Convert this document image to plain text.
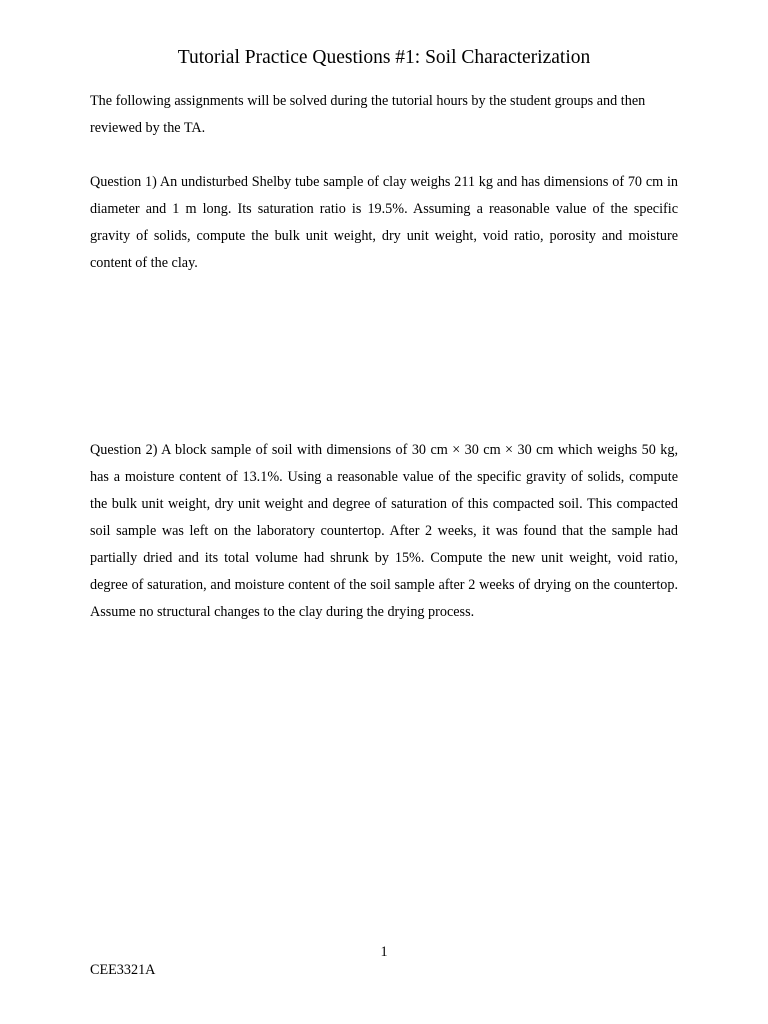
Tutorial Practice Questions #1: Soil Characterization

The following assignments will be solved during the tutorial hours by the student groups and then reviewed by the TA.

Question 1) An undisturbed Shelby tube sample of clay weighs 211 kg and has dimensions of 70 cm in diameter and 1 m long. Its saturation ratio is 19.5%. Assuming a reasonable value of the specific gravity of solids, compute the bulk unit weight, dry unit weight, void ratio, porosity and moisture content of the clay.

Question 2) A block sample of soil with dimensions of 30 cm × 30 cm × 30 cm which weighs 50 kg, has a moisture content of 13.1%. Using a reasonable value of the specific gravity of solids, compute the bulk unit weight, dry unit weight and degree of saturation of this compacted soil. This compacted soil sample was left on the laboratory countertop. After 2 weeks, it was found that the sample had partially dried and its total volume had shrunk by 15%. Compute the new unit weight, void ratio, degree of saturation, and moisture content of the soil sample after 2 weeks of drying on the countertop. Assume no structural changes to the clay during the drying process.

1
CEE3321A
